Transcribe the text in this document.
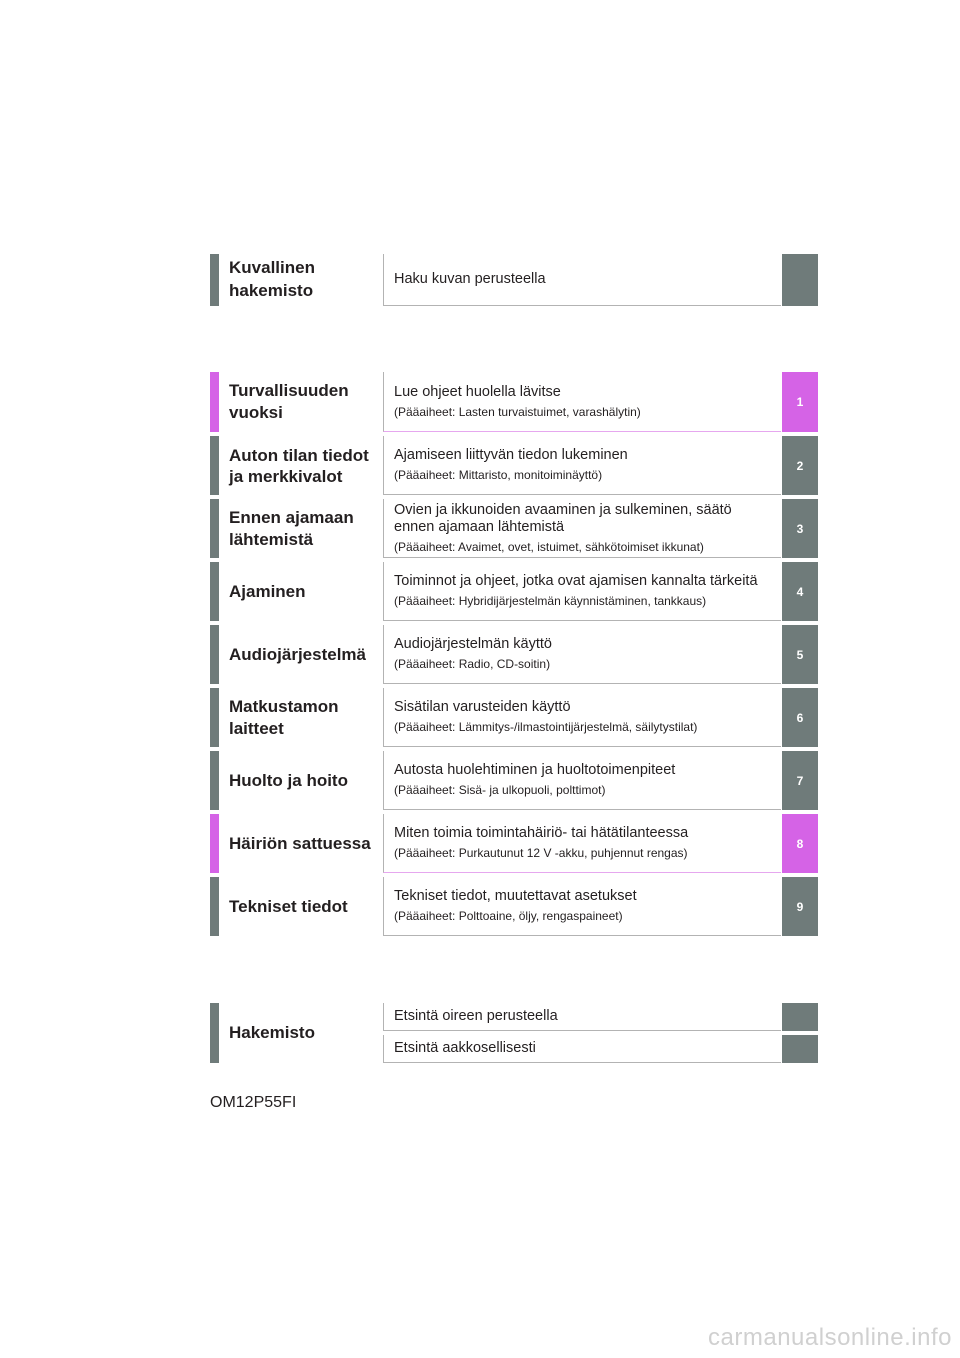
Kuvallinen
hakemisto
Haku kuvan perusteella
Turvallisuuden vuoksi
Lue ohjeet huolella lävitse
(Pääaiheet: Lasten turvaistuimet, varashälytin)
1
Auton tilan tiedot ja merkkivalot
Ajamiseen liittyvän tiedon lukeminen
(Pääaiheet: Mittaristo, monitoiminäyttö)
2
Ennen ajamaan lähtemistä
Ovien ja ikkunoiden avaaminen ja sulkeminen, säätö ennen ajamaan lähtemistä
(Pääaiheet: Avaimet, ovet, istuimet, sähkötoimiset ikkunat)
3
Ajaminen
Toiminnot ja ohjeet, jotka ovat ajamisen kannalta tärkeitä
(Pääaiheet: Hybridijärjestelmän käynnistäminen, tankkaus)
4
Audiojärjestelmä
Audiojärjestelmän käyttö
(Pääaiheet: Radio, CD-soitin)
5
Matkustamon laitteet
Sisätilan varusteiden käyttö
(Pääaiheet: Lämmitys-/ilmastointijärjestelmä, säilytystilat)
6
Huolto ja hoito
Autosta huolehtiminen ja huoltotoimenpiteet
(Pääaiheet: Sisä- ja ulkopuoli, polttimot)
7
Häiriön sattuessa
Miten toimia toimintahäiriö- tai hätätilanteessa
(Pääaiheet: Purkautunut 12 V -akku, puhjennut rengas)
8
Tekniset tiedot
Tekniset tiedot, muutettavat asetukset
(Pääaiheet: Polttoaine, öljy, rengaspaineet)
9
Hakemisto
Etsintä oireen perusteella
Etsintä aakkosellisesti
OM12P55FI
carmanualsonline.info
